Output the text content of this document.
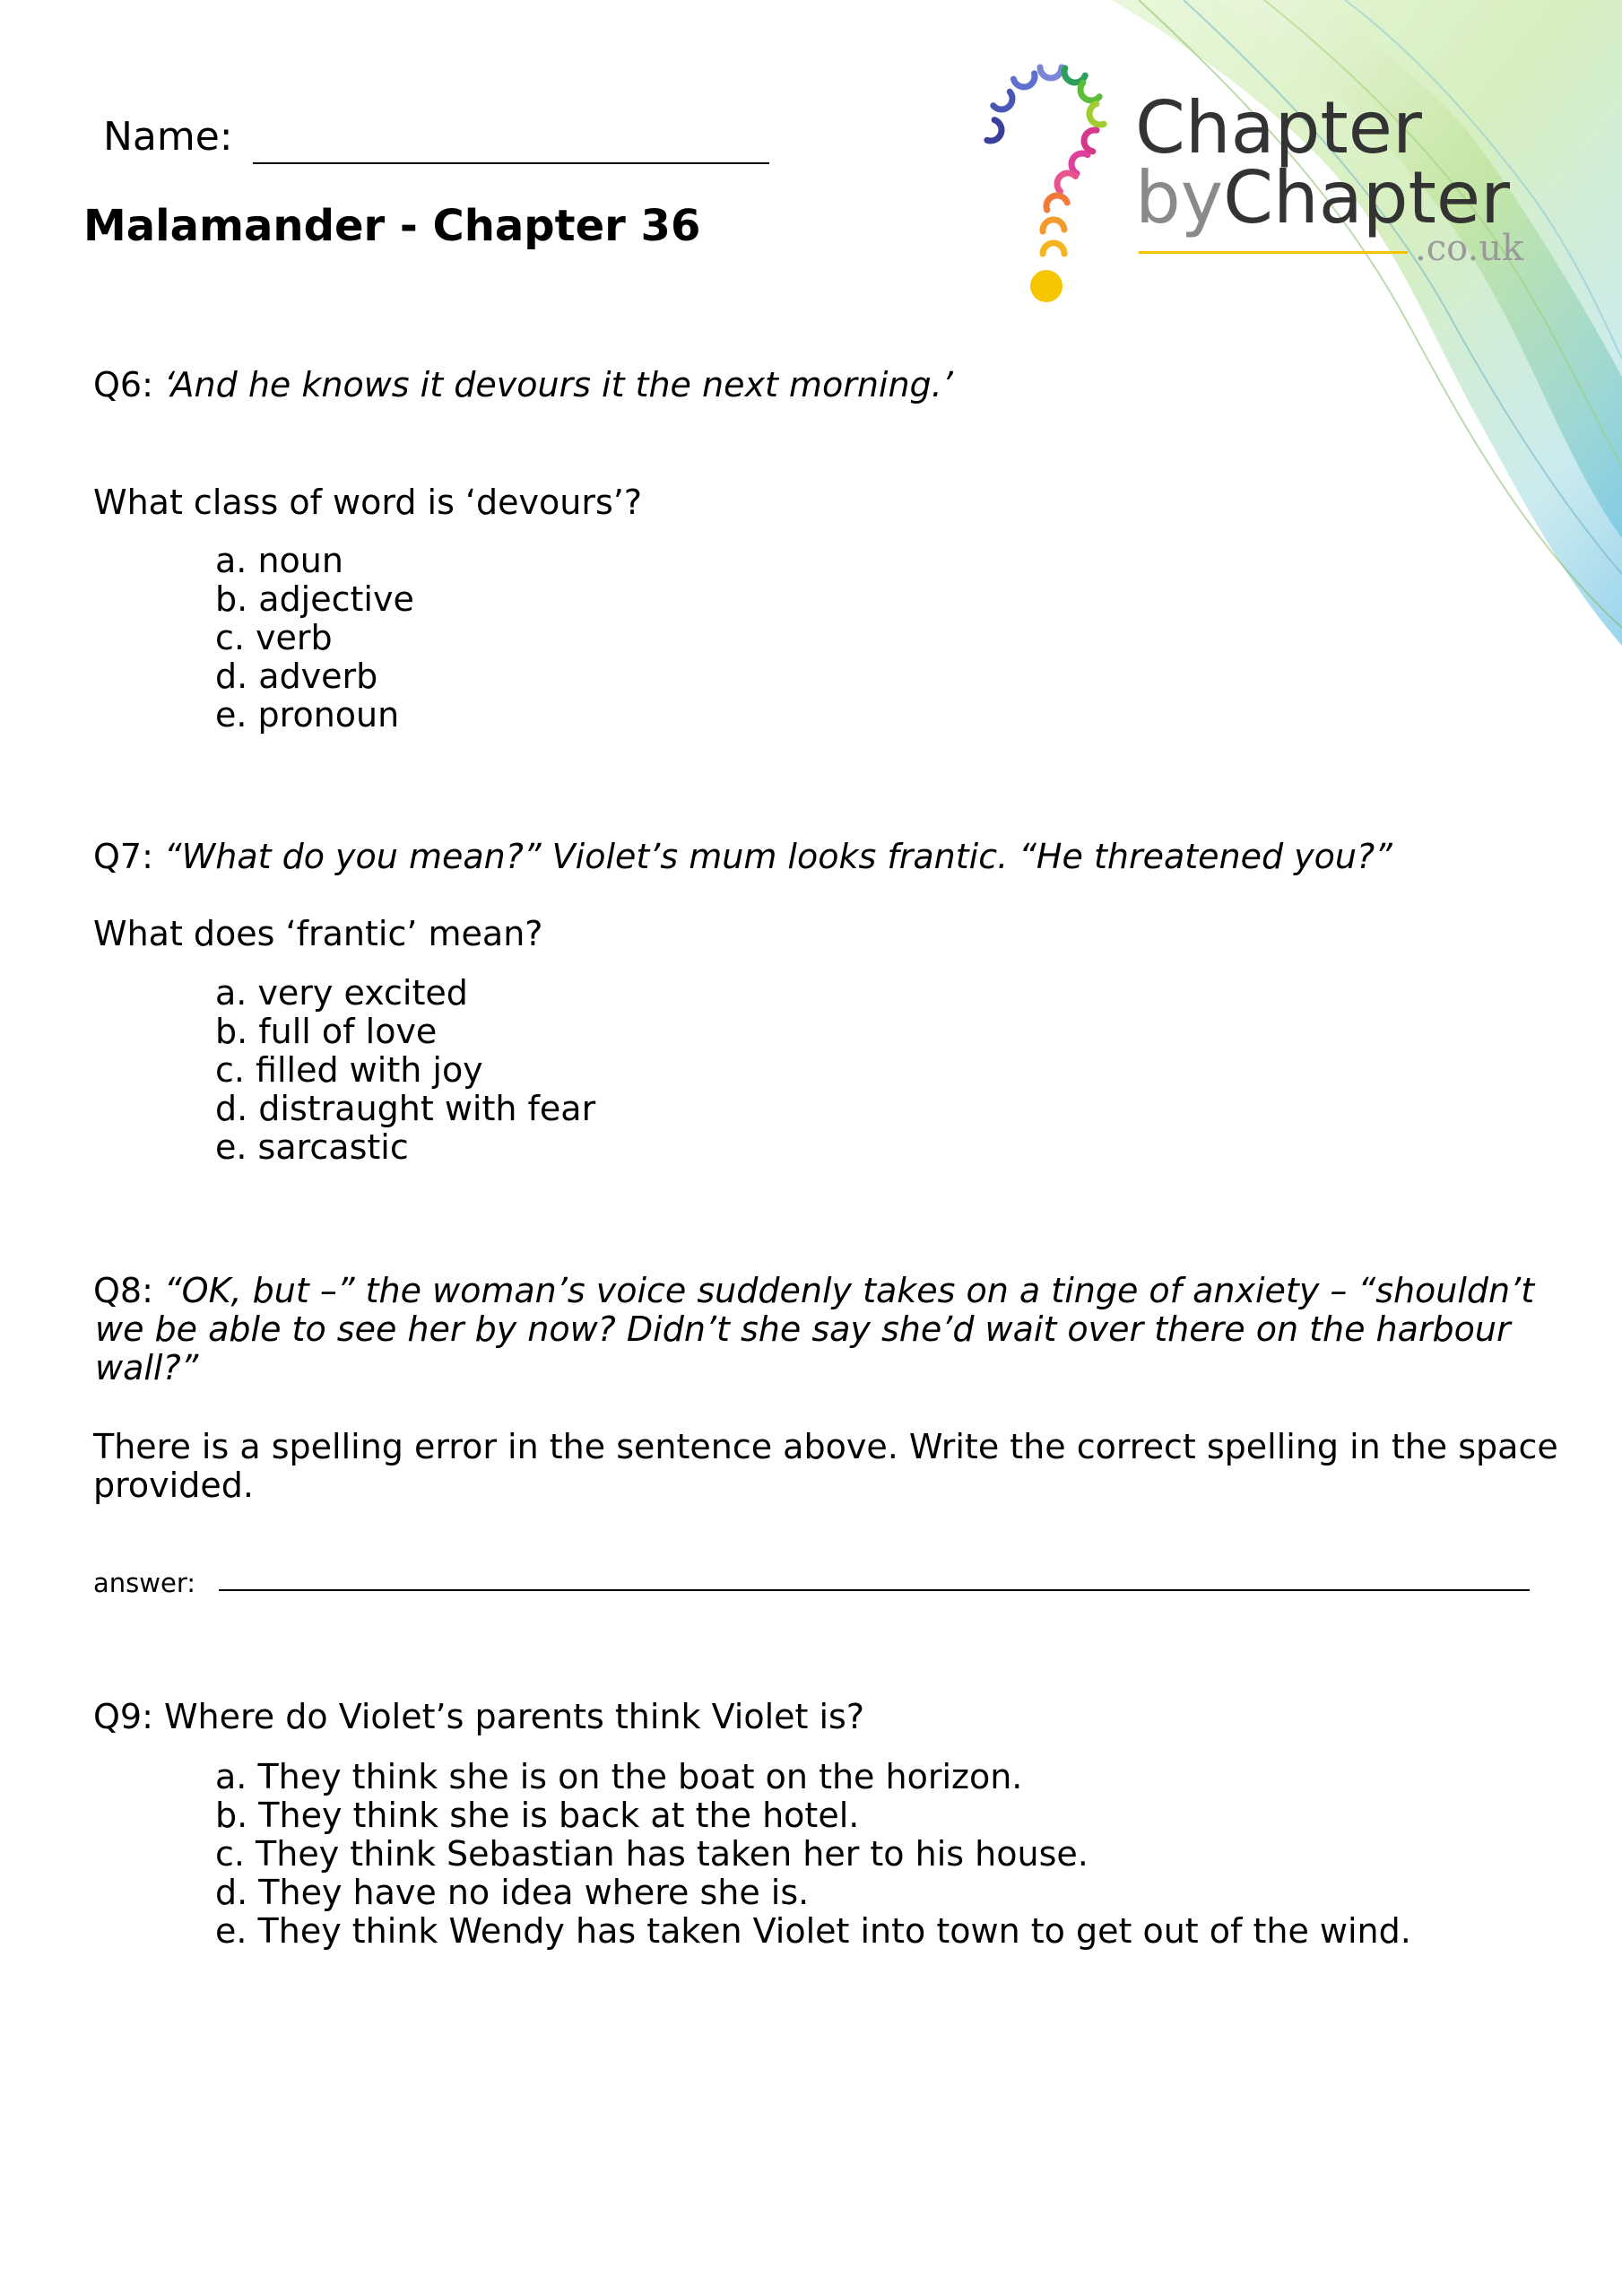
Chapter
byChapter
.co.uk
Name:
Malamander - Chapter 36
Q6: ‘And he knows it devours it the next morning.’
What class of word is ‘devours’?
a. noun
b. adjective
c. verb
d. adverb
e. pronoun
Q7: “What do you mean?” Violet’s mum looks frantic. “He threatened you?”
What does ‘frantic’ mean?
a. very excited
b. full of love
c. filled with joy
d. distraught with fear
e. sarcastic
Q8: “OK, but –” the woman’s voice suddenly takes on a tinge of anxiety – “shouldn’t
we be able to see her by now? Didn’t she say she’d wait over there on the harbour
wall?”
There is a spelling error in the sentence above. Write the correct spelling in the space
provided.
answer:
Q9: Where do Violet’s parents think Violet is?
a. They think she is on the boat on the horizon.
b. They think she is back at the hotel.
c. They think Sebastian has taken her to his house.
d. They have no idea where she is.
e. They think Wendy has taken Violet into town to get out of the wind.
